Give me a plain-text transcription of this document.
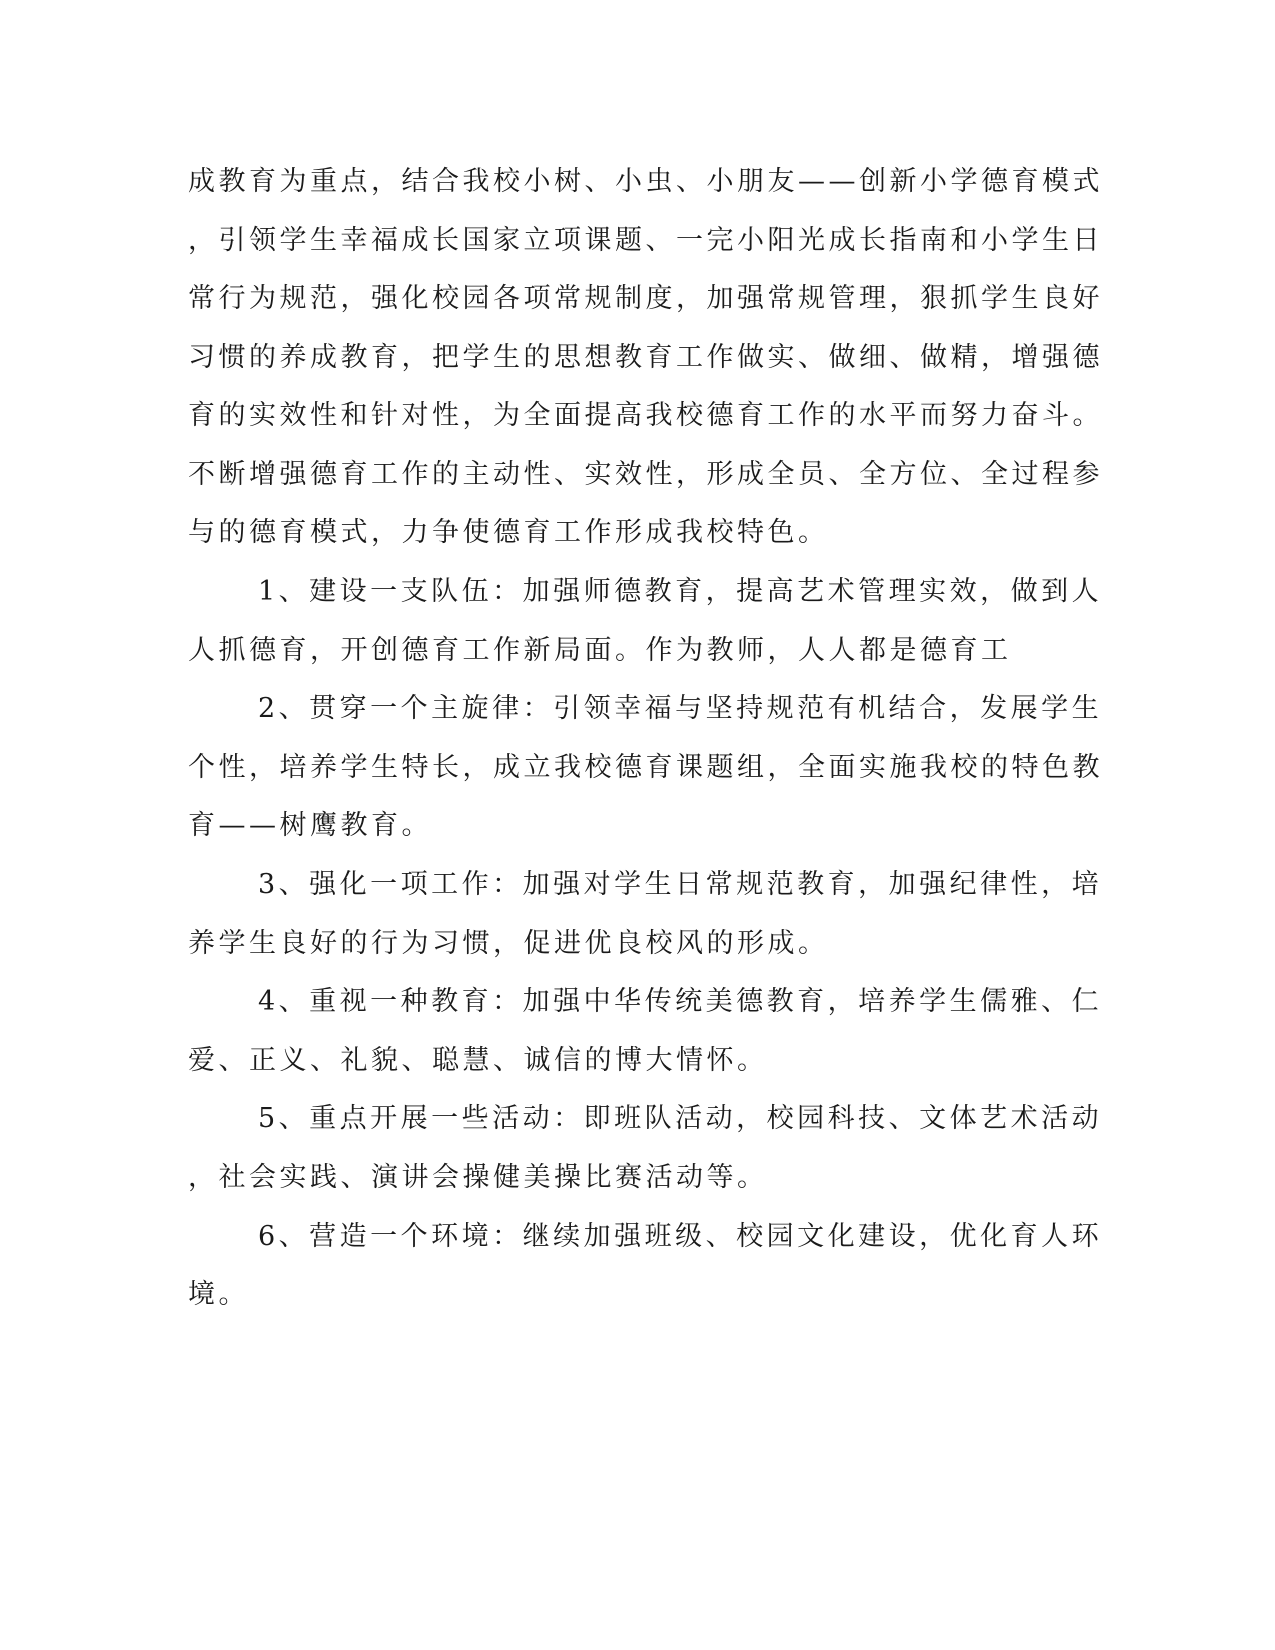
成教育为重点，结合我校小树、小虫、小朋友——创新小学德育模式
，引领学生幸福成长国家立项课题、一完小阳光成长指南和小学生日
常行为规范，强化校园各项常规制度，加强常规管理，狠抓学生良好
习惯的养成教育，把学生的思想教育工作做实、做细、做精，增强德
育的实效性和针对性，为全面提高我校德育工作的水平而努力奋斗。
不断增强德育工作的主动性、实效性，形成全员、全方位、全过程参
与的德育模式，力争使德育工作形成我校特色。
1、建设一支队伍：加强师德教育，提高艺术管理实效，做到人
人抓德育，开创德育工作新局面。作为教师，人人都是德育工
2、贯穿一个主旋律：引领幸福与坚持规范有机结合，发展学生
个性，培养学生特长，成立我校德育课题组，全面实施我校的特色教
育——树鹰教育。
3、强化一项工作：加强对学生日常规范教育，加强纪律性，培
养学生良好的行为习惯，促进优良校风的形成。
4、重视一种教育：加强中华传统美德教育，培养学生儒雅、仁
爱、正义、礼貌、聪慧、诚信的博大情怀。
5、重点开展一些活动：即班队活动，校园科技、文体艺术活动
，社会实践、演讲会操健美操比赛活动等。
6、营造一个环境：继续加强班级、校园文化建设，优化育人环
境。
